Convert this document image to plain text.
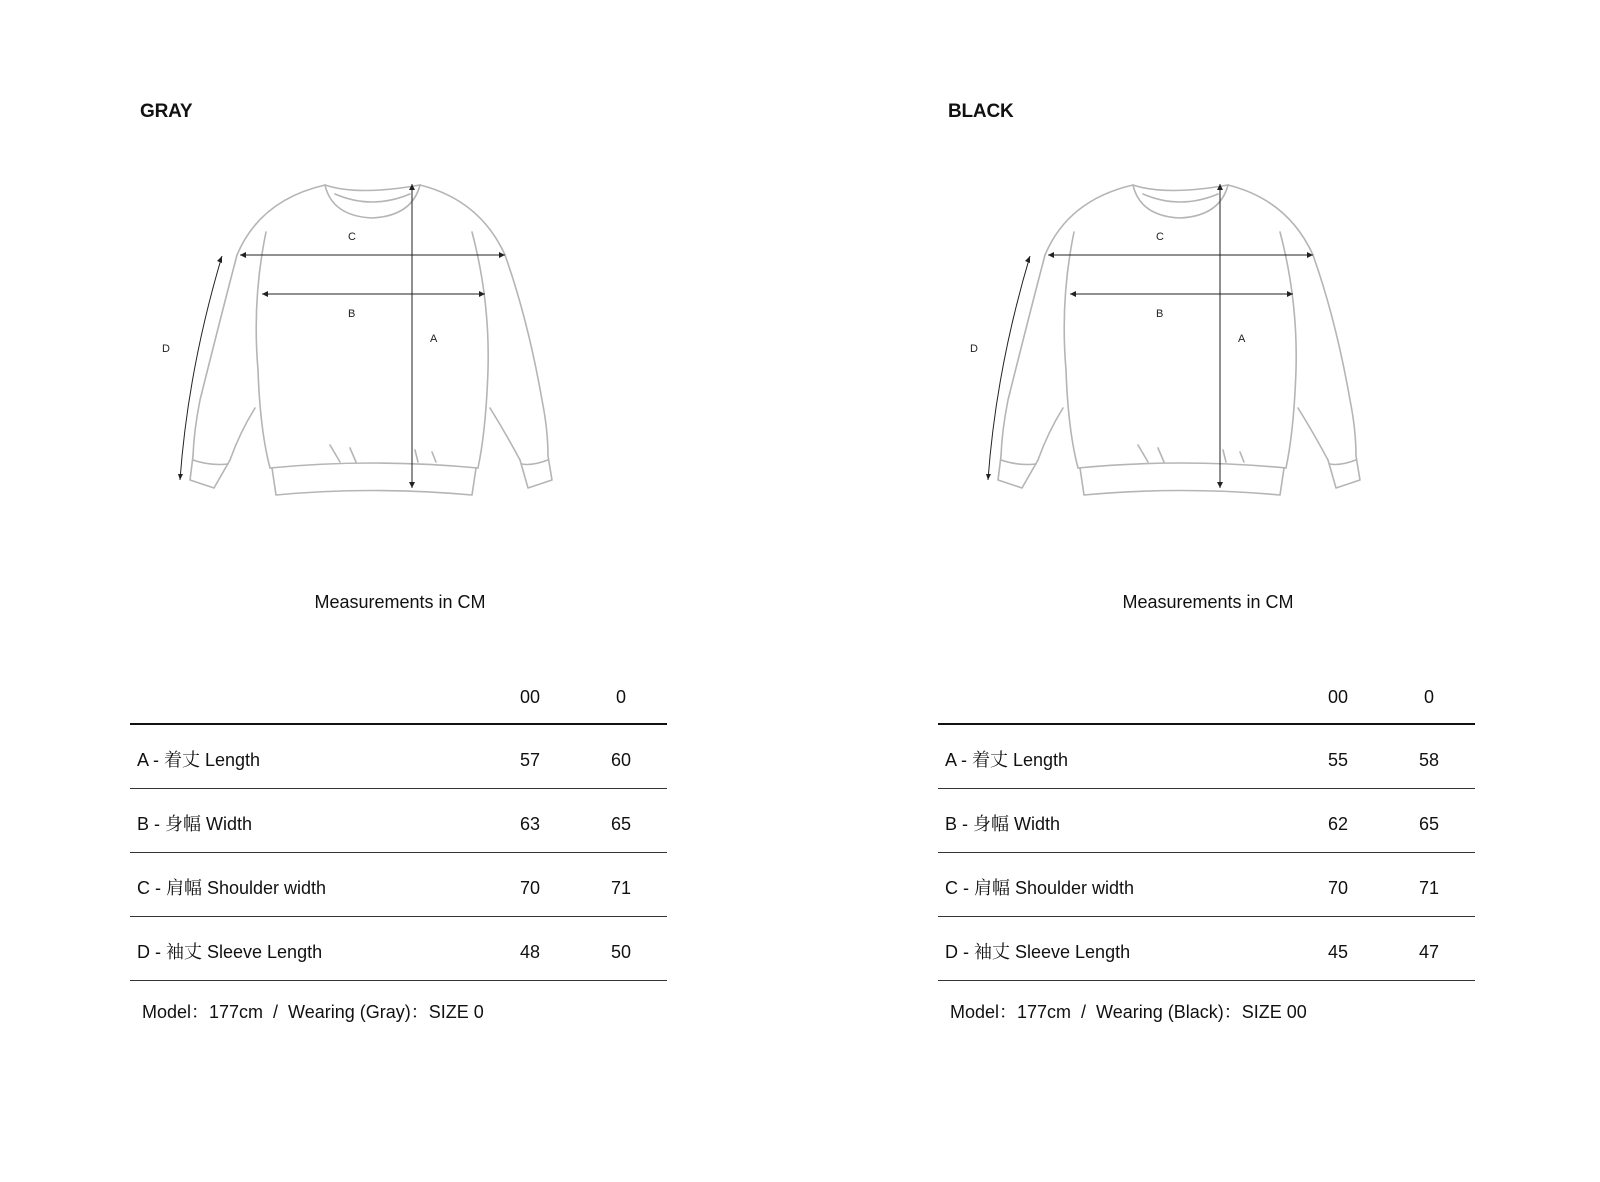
GRAY
C
B
A
D
Measurements in CM
00	0
A - 着丈 Length	57	60
B - 身幅 Width	63	65
C - 肩幅 Shoulder width	70	71
D - 袖丈 Sleeve Length	48	50
Model：177cm  /  Wearing (Gray)：SIZE 0
BLACK
C
B
A
D
Measurements in CM
00	0
A - 着丈 Length	55	58
B - 身幅 Width	62	65
C - 肩幅 Shoulder width	70	71
D - 袖丈 Sleeve Length	45	47
Model：177cm  /  Wearing (Black)：SIZE 00
